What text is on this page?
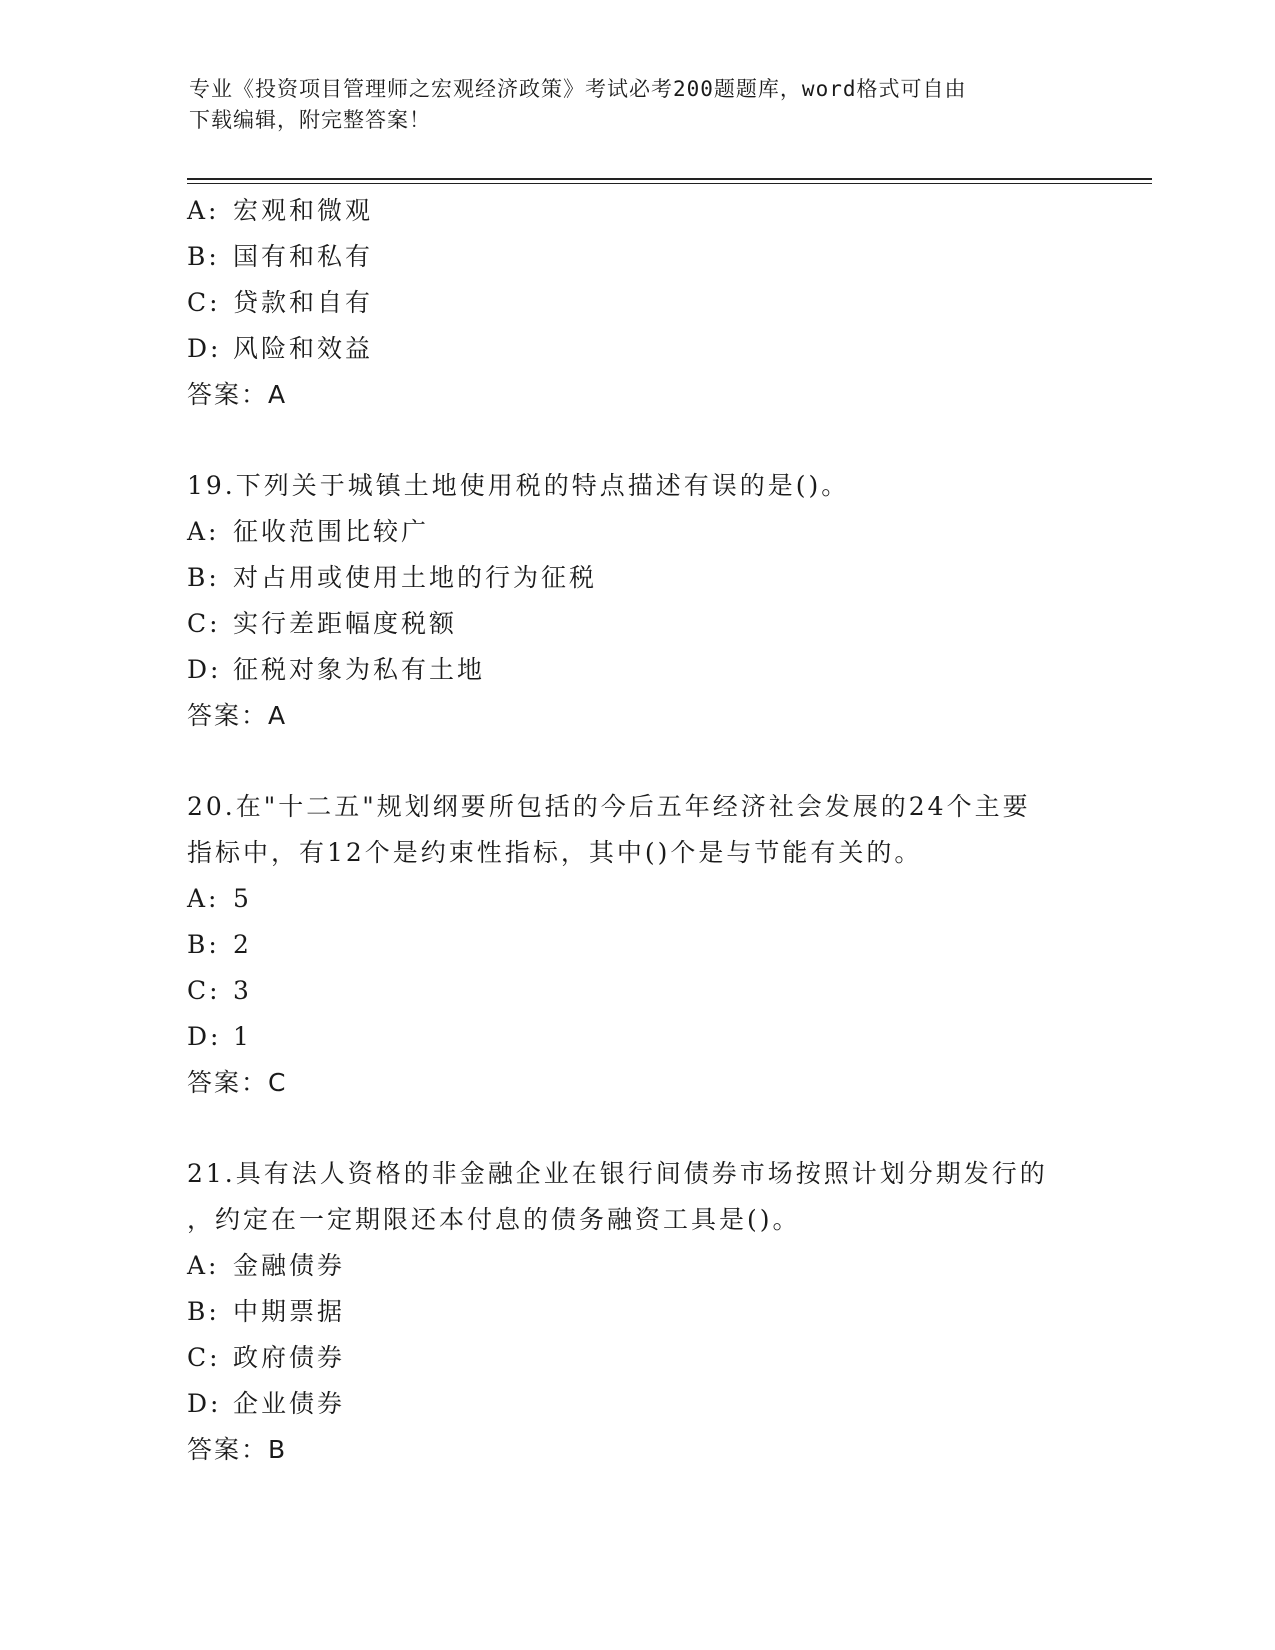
专业《投资项目管理师之宏观经济政策》考试必考200题题库，word格式可自由
下载编辑，附完整答案！
A: 宏观和微观
B: 国有和私有
C: 贷款和自有
D: 风险和效益
答案：A
19.下列关于城镇土地使用税的特点描述有误的是()。
A: 征收范围比较广
B: 对占用或使用土地的行为征税
C: 实行差距幅度税额
D: 征税对象为私有土地
答案：A
20.在"十二五"规划纲要所包括的今后五年经济社会发展的24个主要
指标中，有12个是约束性指标，其中()个是与节能有关的。
A: 5
B: 2
C: 3
D: 1
答案：C
21.具有法人资格的非金融企业在银行间债券市场按照计划分期发行的
，约定在一定期限还本付息的债务融资工具是()。
A: 金融债券
B: 中期票据
C: 政府债券
D: 企业债券
答案：B
